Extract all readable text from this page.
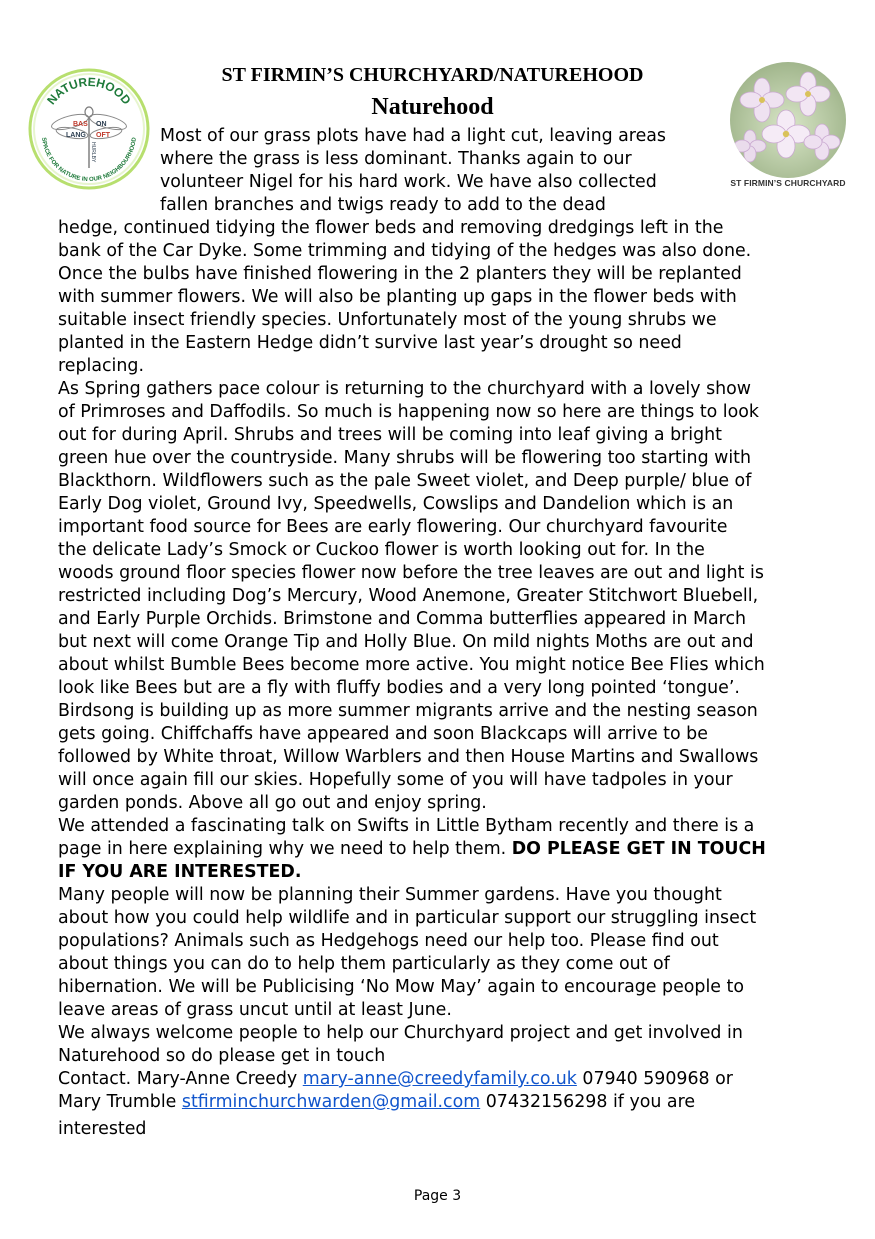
NATUREHOOD
SPACE FOR NATURE IN OUR NEIGHBOURHOOD
BAS ON
LANG OFT
HURLBY
ST FIRMIN’S CHURCHYARD/NATUREHOOD
Naturehood
ST FIRMIN’S CHURCHYARD
Most of our grass plots have had a light cut, leaving areas
where the grass is less dominant. Thanks again to our
volunteer Nigel for his hard work. We have also collected
fallen branches and twigs ready to add to the dead

hedge, continued tidying the flower beds and removing dredgings left in the
bank of the Car Dyke. Some trimming and tidying of the hedges was also done.
Once the bulbs have finished flowering in the 2 planters they will be replanted
with summer flowers. We will also be planting up gaps in the flower beds with
suitable insect friendly species. Unfortunately most of the young shrubs we
planted in the Eastern Hedge didn’t survive last year’s drought so need
replacing.

As Spring gathers pace colour is returning to the churchyard with a lovely show
of Primroses and Daffodils. So much is happening now so here are things to look
out for during April. Shrubs and trees will be coming into leaf giving a bright
green hue over the countryside. Many shrubs will be flowering too starting with
Blackthorn. Wildflowers such as the pale Sweet violet, and Deep purple/ blue of
Early Dog violet, Ground Ivy, Speedwells, Cowslips and Dandelion which is an
important food source for Bees are early flowering. Our churchyard favourite
the delicate Lady’s Smock or Cuckoo flower is worth looking out for. In the
woods ground floor species flower now before the tree leaves are out and light is
restricted including Dog’s Mercury, Wood Anemone, Greater Stitchwort Bluebell,
and Early Purple Orchids. Brimstone and Comma butterflies appeared in March
but next will come Orange Tip and Holly Blue. On mild nights Moths are out and
about whilst Bumble Bees become more active. You might notice Bee Flies which
look like Bees but are a fly with fluffy bodies and a very long pointed ‘tongue’.
Birdsong is building up as more summer migrants arrive and the nesting season
gets going. Chiffchaffs have appeared and soon Blackcaps will arrive to be
followed by White throat, Willow Warblers and then House Martins and Swallows
will once again fill our skies. Hopefully some of you will have tadpoles in your
garden ponds. Above all go out and enjoy spring.

We attended a fascinating talk on Swifts in Little Bytham recently and there is a
page in here explaining why we need to help them. DO PLEASE GET IN TOUCH
IF YOU ARE INTERESTED.

Many people will now be planning their Summer gardens. Have you thought
about how you could help wildlife and in particular support our struggling insect
populations? Animals such as Hedgehogs need our help too. Please find out
about things you can do to help them particularly as they come out of
hibernation. We will be Publicising ‘No Mow May’ again to encourage people to
leave areas of grass uncut until at least June.

We always welcome people to help our Churchyard project and get involved in
Naturehood so do please get in touch

Contact. Mary-Anne Creedy mary-anne@creedyfamily.co.uk 07940 590968 or
Mary Trumble stfirminchurchwarden@gmail.com 07432156298 if you are
interested

Page 3
